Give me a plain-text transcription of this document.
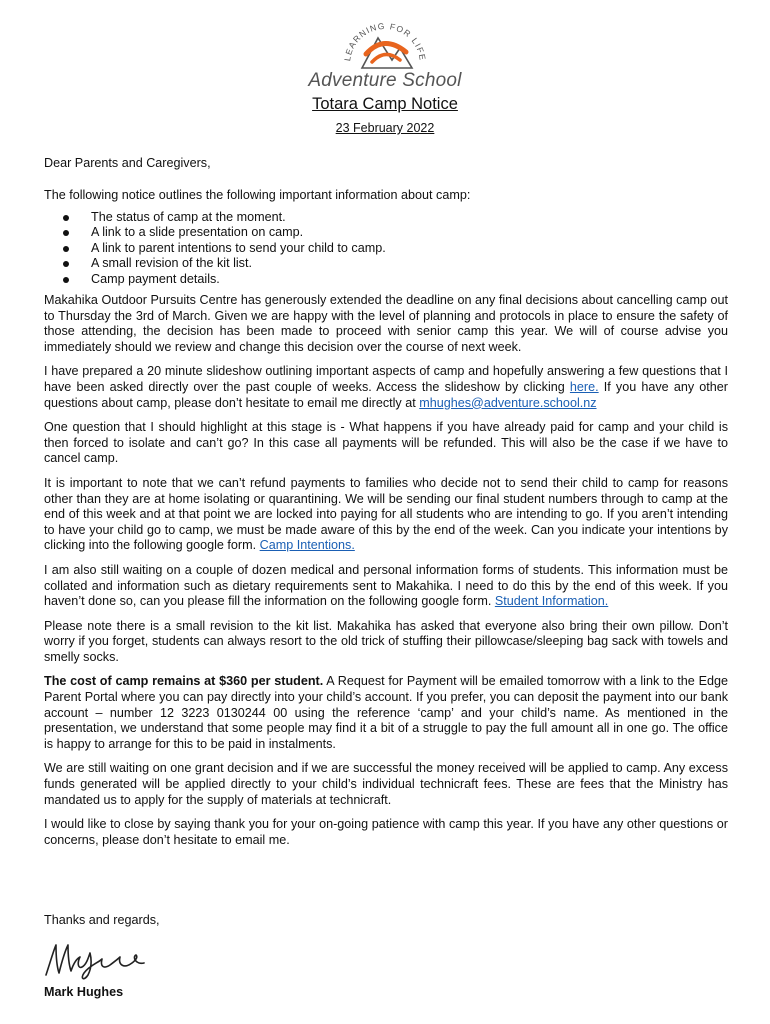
LEARNING FOR LIFE
Adventure School
Totara Camp Notice
23 February 2022
Dear Parents and Caregivers,
The following notice outlines the following important information about camp:
The status of camp at the moment.
A link to a slide presentation on camp.
A link to parent intentions to send your child to camp.
A small revision of the kit list.
Camp payment details.

Makahika Outdoor Pursuits Centre has generously extended the deadline on any final decisions about cancelling camp out to Thursday the 3rd of March. Given we are happy with the level of planning and protocols in place to ensure the safety of those attending, the decision has been made to proceed with senior camp this year. We will of course advise you immediately should we review and change this decision over the course of next week.

I have prepared a 20 minute slideshow outlining important aspects of camp and hopefully answering a few questions that I have been asked directly over the past couple of weeks. Access the slideshow by clicking here. If you have any other questions about camp, please don’t hesitate to email me directly at mhughes@adventure.school.nz

One question that I should highlight at this stage is - What happens if you have already paid for camp and your child is then forced to isolate and can’t go? In this case all payments will be refunded. This will also be the case if we have to cancel camp.

It is important to note that we can’t refund payments to families who decide not to send their child to camp for reasons other than they are at home isolating or quarantining. We will be sending our final student numbers through to camp at the end of this week and at that point we are locked into paying for all students who are intending to go. If you aren’t intending to have your child go to camp, we must be made aware of this by the end of the week. Can you indicate your intentions by clicking into the following google form. Camp Intentions.

I am also still waiting on a couple of dozen medical and personal information forms of students. This information must be collated and information such as dietary requirements sent to Makahika. I need to do this by the end of this week. If you haven’t done so, can you please fill the information on the following google form. Student Information.

Please note there is a small revision to the kit list. Makahika has asked that everyone also bring their own pillow. Don’t worry if you forget, students can always resort to the old trick of stuffing their pillowcase/sleeping bag sack with towels and smelly socks.

The cost of camp remains at $360 per student. A Request for Payment will be emailed tomorrow with a link to the Edge Parent Portal where you can pay directly into your child’s account. If you prefer, you can deposit the payment into our bank account – number 12 3223 0130244 00 using the reference ‘camp’ and your child’s name. As mentioned in the presentation, we understand that some people may find it a bit of a struggle to pay the full amount all in one go. The office is happy to arrange for this to be paid in instalments.

We are still waiting on one grant decision and if we are successful the money received will be applied to camp. Any excess funds generated will be applied directly to your child’s individual technicraft fees. These are fees that the Ministry has mandated us to apply for the supply of materials at technicraft.

I would like to close by saying thank you for your on-going patience with camp this year. If you have any other questions or concerns, please don’t hesitate to email me.

Thanks and regards,
Mark Hughes
